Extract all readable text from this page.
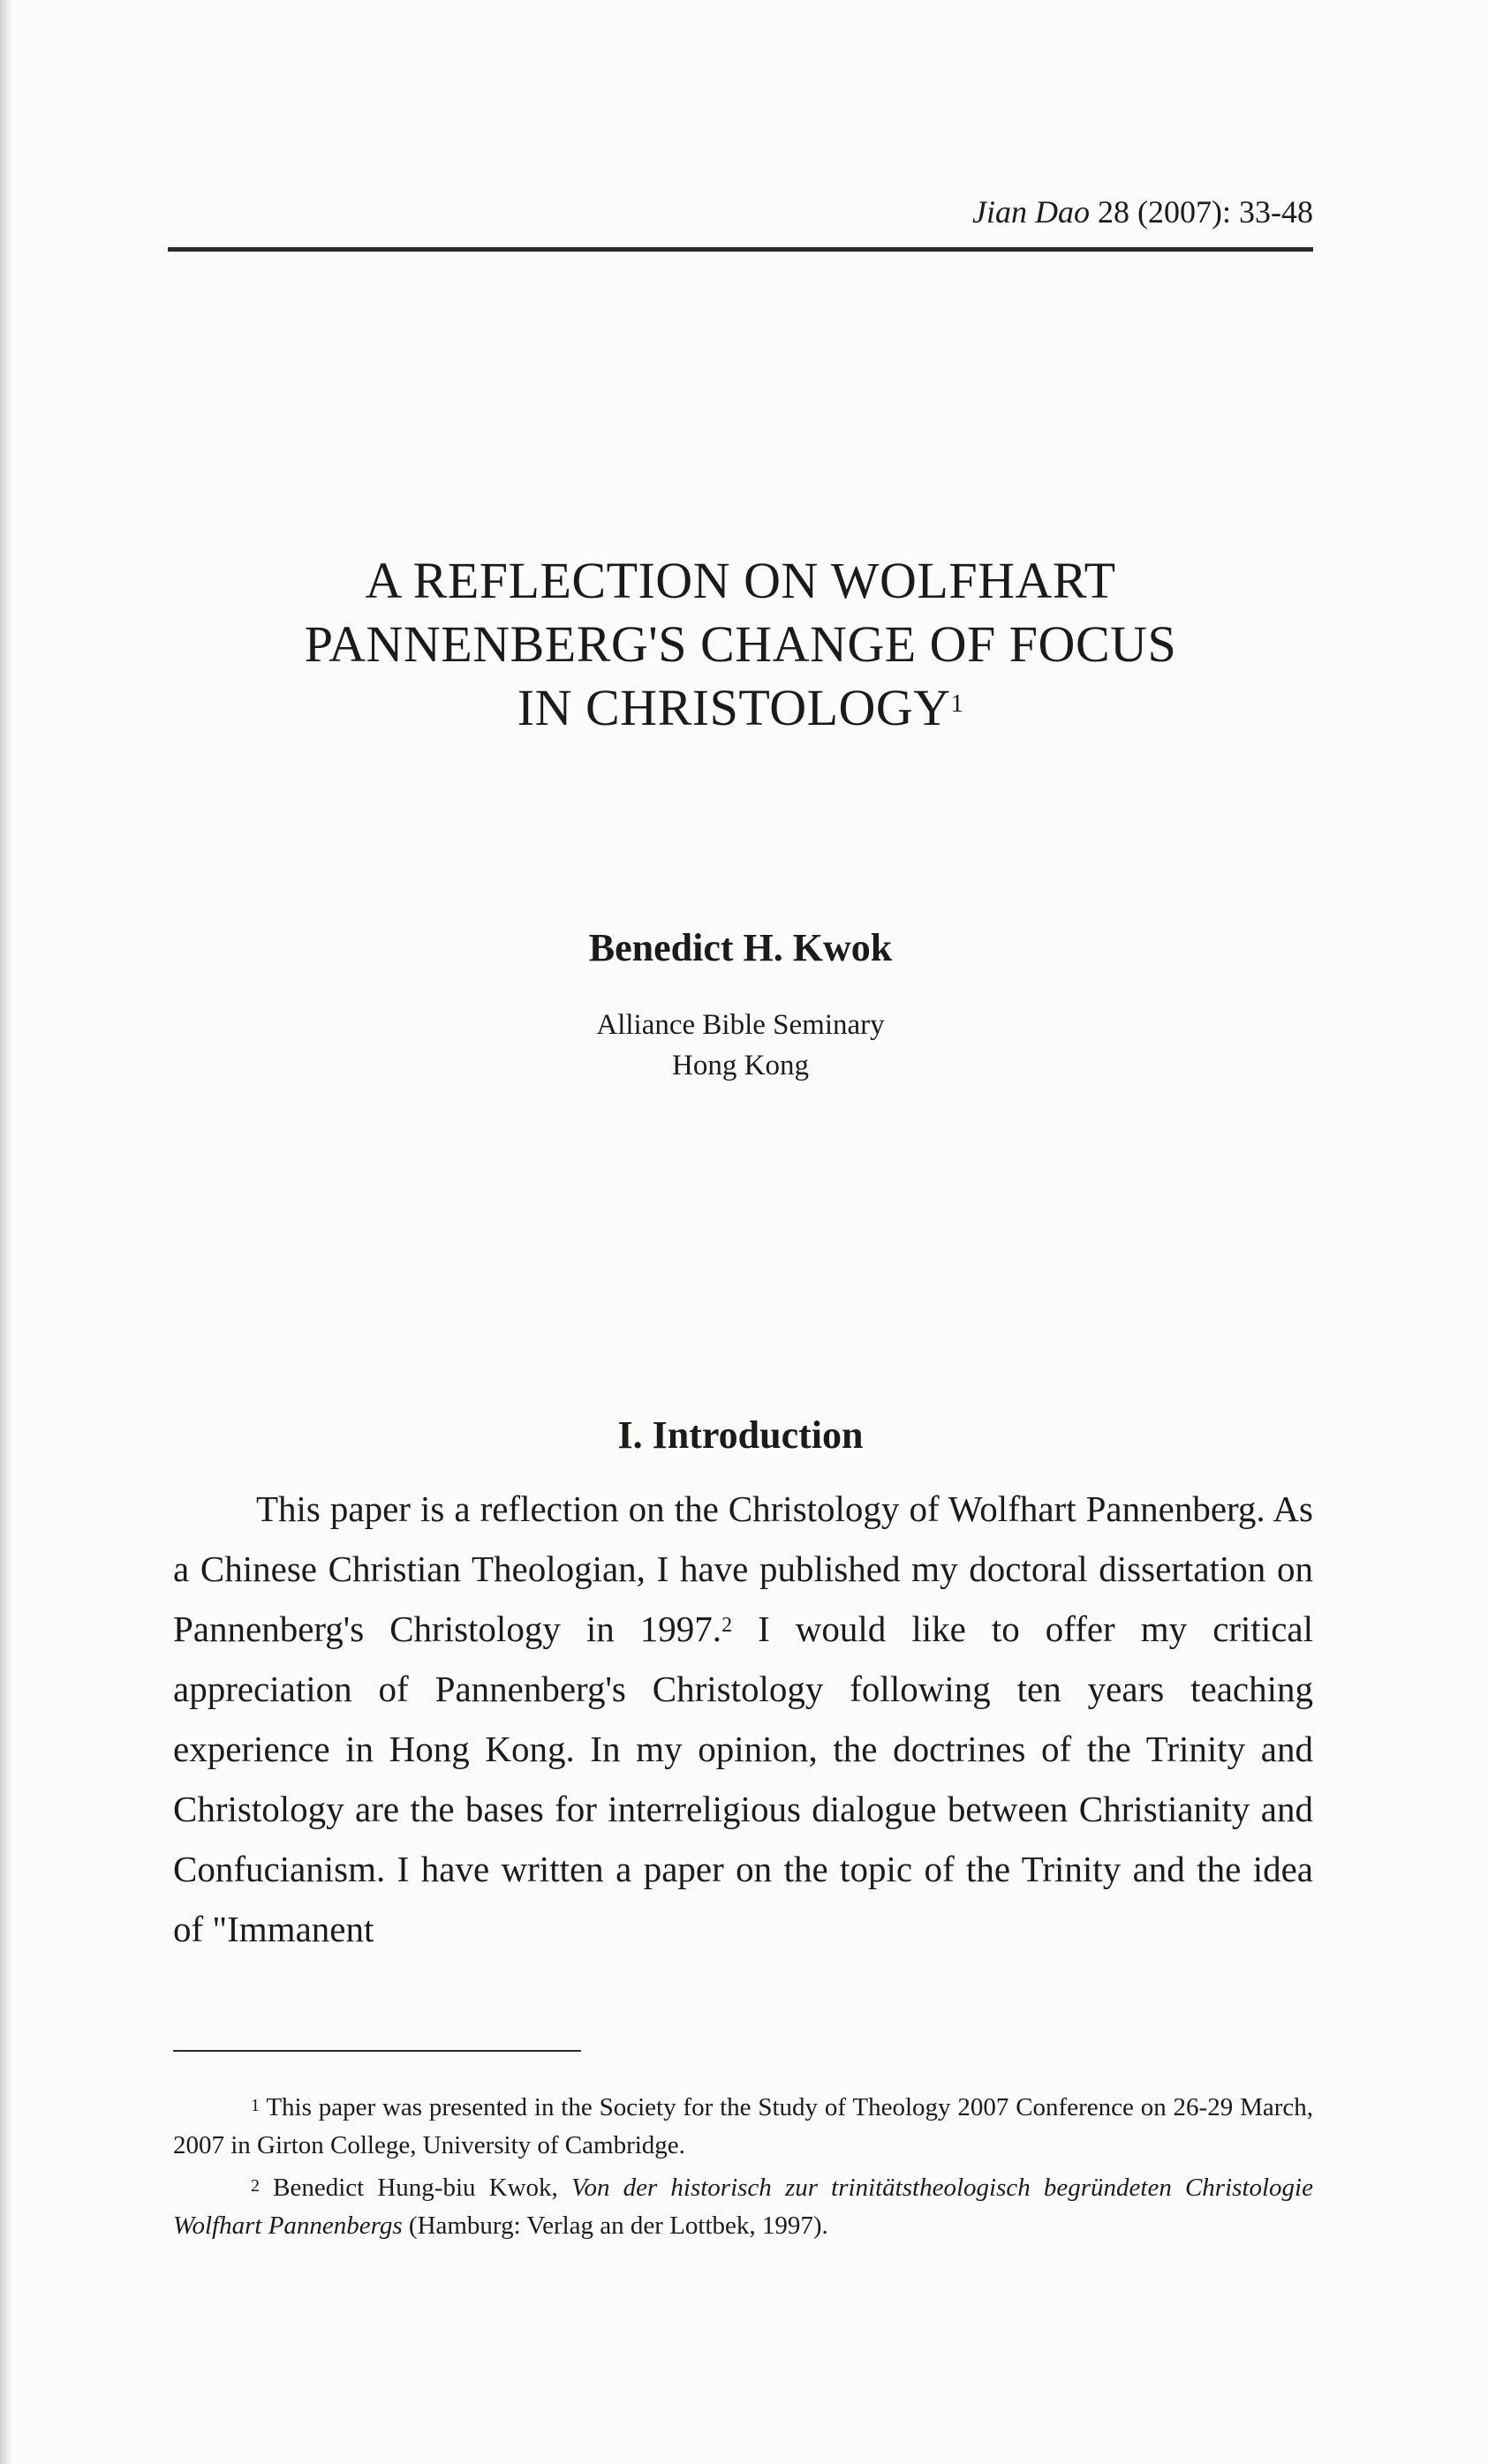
Jian Dao 28 (2007): 33-48
A REFLECTION ON WOLFHART
PANNENBERG'S CHANGE OF FOCUS
IN CHRISTOLOGY$^1$
Benedict H. Kwok
Alliance Bible Seminary
Hong Kong
I. Introduction

This paper is a reflection on the Christology of Wolfhart Pannenberg. As a Chinese Christian Theologian, I have published my doctoral dissertation on Pannenberg's Christology in 1997.$^2$ I would like to offer my critical appreciation of Pannenberg's Christology following ten years teaching experience in Hong Kong. In my opinion, the doctrines of the Trinity and Christology are the bases for interreligious dialogue between Christianity and Confucianism. I have written a paper on the topic of the Trinity and the idea of "Immanent

$^1$ This paper was presented in the Society for the Study of Theology 2007 Conference on 26-29 March, 2007 in Girton College, University of Cambridge.

$^2$ Benedict Hung-biu Kwok, Von der historisch zur trinitätstheologisch begründeten Christologie Wolfhart Pannenbergs (Hamburg: Verlag an der Lottbek, 1997).
